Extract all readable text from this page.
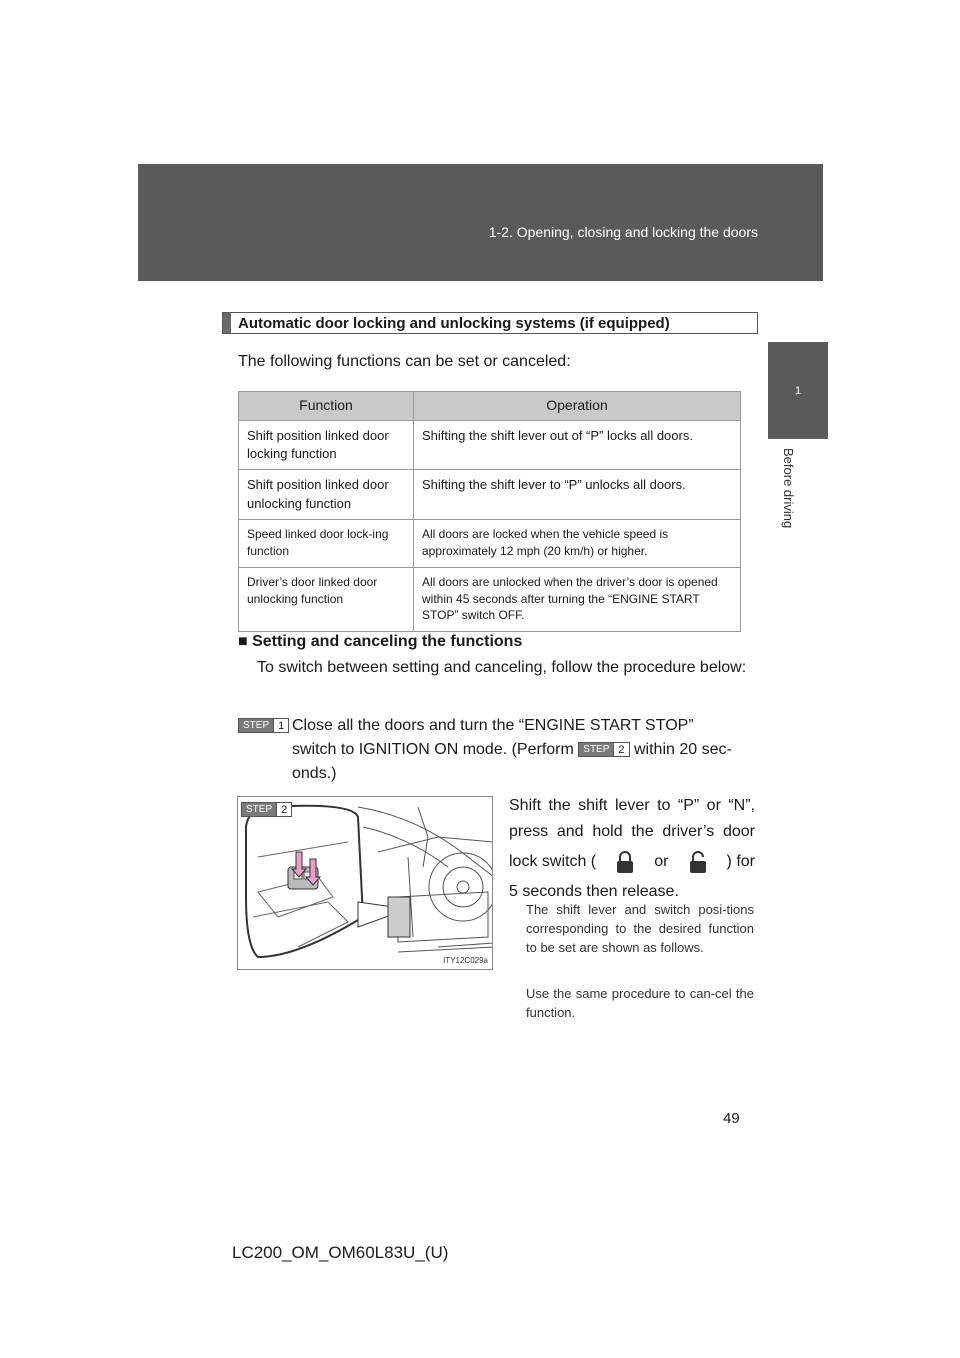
1-2. Opening, closing and locking the doors
1
Before driving
Automatic door locking and unlocking systems (if equipped)
The following functions can be set or canceled:
Function	Operation
Shift position linked door locking function	Shifting the shift lever out of “P” locks all doors.
Shift position linked door unlocking function	Shifting the shift lever to “P” unlocks all doors.
Speed linked door lock-ing function	All doors are locked when the vehicle speed is approximately 12 mph (20 km/h) or higher.
Driver’s door linked door unlocking function	All doors are unlocked when the driver’s door is opened within 45 seconds after turning the “ENGINE START STOP” switch OFF.
■ Setting and canceling the functions
To switch between setting and canceling, follow the procedure below:
STEP 1 Close all the doors and turn the “ENGINE START STOP”
switch to IGNITION ON mode. (Perform STEP 2 within 20 sec-
onds.)
STEP 2
ITY12C029a
Shift the shift lever to “P” or “N”,
press and hold the driver’s door
lock switch (	or	) for
5 seconds then release.
The shift lever and switch posi-tions corresponding to the desired function to be set are shown as follows.
Use the same procedure to can-cel the function.
49
LC200_OM_OM60L83U_(U)
